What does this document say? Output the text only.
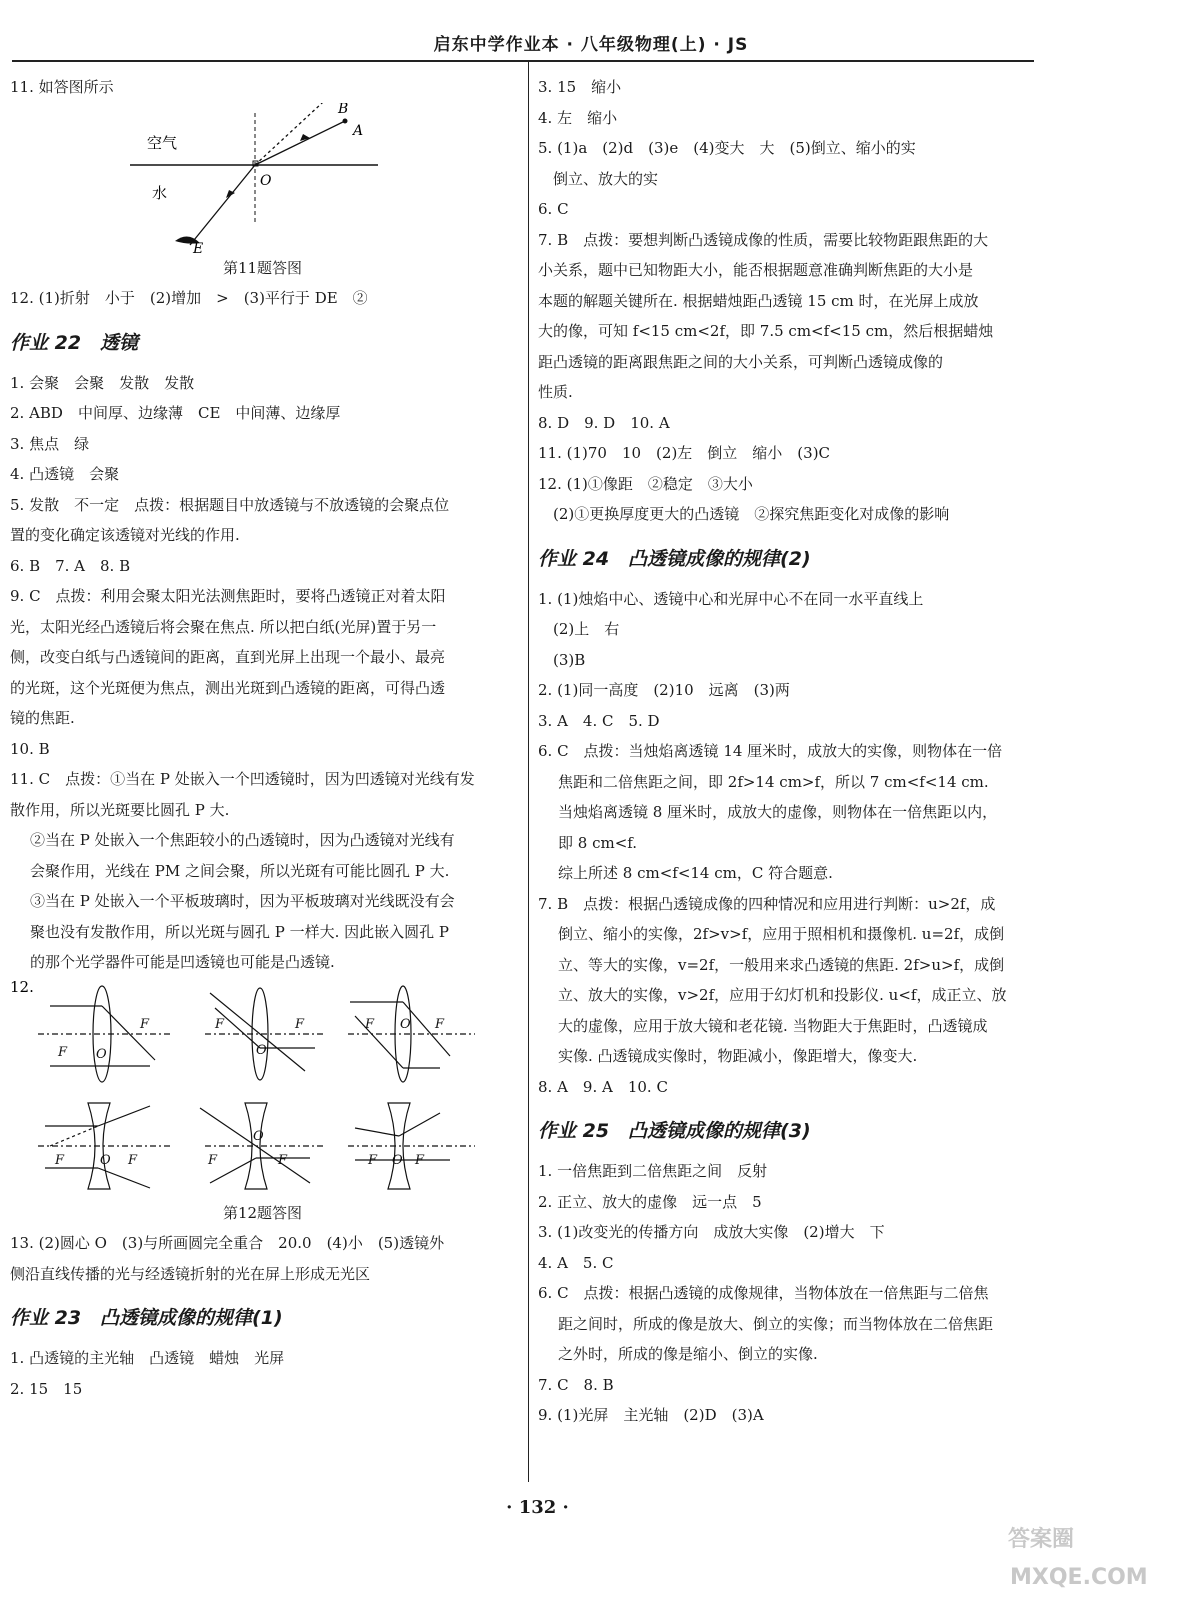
启东中学作业本 · 八年级物理(上) · JS
11. 如答图所示
空气
水
O
A
B
E
第11题答图
12. (1)折射　小于　(2)增加　>　(3)平行于 DE　②
作业 22　透镜
1. 会聚　会聚　发散　发散
2. ABD　中间厚、边缘薄　CE　中间薄、边缘厚
3. 焦点　绿
4. 凸透镜　会聚
5. 发散　不一定　点拨：根据题目中放透镜与不放透镜的会聚点位
置的变化确定该透镜对光线的作用.
6. B　7. A　8. B
9. C　点拨：利用会聚太阳光法测焦距时，要将凸透镜正对着太阳
光，太阳光经凸透镜后将会聚在焦点. 所以把白纸(光屏)置于另一
侧，改变白纸与凸透镜间的距离，直到光屏上出现一个最小、最亮
的光斑，这个光斑便为焦点，测出光斑到凸透镜的距离，可得凸透
镜的焦距.
10. B
11. C　点拨：①当在 P 处嵌入一个凹透镜时，因为凹透镜对光线有发
散作用，所以光斑要比圆孔 P 大.
②当在 P 处嵌入一个焦距较小的凸透镜时，因为凸透镜对光线有
会聚作用，光线在 PM 之间会聚，所以光斑有可能比圆孔 P 大.
③当在 P 处嵌入一个平板玻璃时，因为平板玻璃对光线既没有会
聚也没有发散作用，所以光斑与圆孔 P 一样大. 因此嵌入圆孔 P
的那个光学器件可能是凹透镜也可能是凸透镜.
12.
F
F O
F	F
O
F	F
O
F	O F	F
O
F	F O F
第12题答图
13. (2)圆心 O　(3)与所画圆完全重合　20.0　(4)小　(5)透镜外
侧沿直线传播的光与经透镜折射的光在屏上形成无光区
作业 23　凸透镜成像的规律(1)
1. 凸透镜的主光轴　凸透镜　蜡烛　光屏
2. 15　15
3. 15　缩小
4. 左　缩小
5. (1)a　(2)d　(3)e　(4)变大　大　(5)倒立、缩小的实
　倒立、放大的实
6. C
7. B　点拨：要想判断凸透镜成像的性质，需要比较物距跟焦距的大
小关系，题中已知物距大小，能否根据题意准确判断焦距的大小是
本题的解题关键所在. 根据蜡烛距凸透镜 15 cm 时，在光屏上成放
大的像，可知 f<15 cm<2f，即 7.5 cm<f<15 cm，然后根据蜡烛
距凸透镜的距离跟焦距之间的大小关系，可判断凸透镜成像的
性质.
8. D　9. D　10. A
11. (1)70　10　(2)左　倒立　缩小　(3)C
12. (1)①像距　②稳定　③大小
　(2)①更换厚度更大的凸透镜　②探究焦距变化对成像的影响
作业 24　凸透镜成像的规律(2)
1. (1)烛焰中心、透镜中心和光屏中心不在同一水平直线上
　(2)上　右
　(3)B
2. (1)同一高度　(2)10　远离　(3)两
3. A　4. C　5. D
6. C　点拨：当烛焰离透镜 14 厘米时，成放大的实像，则物体在一倍
焦距和二倍焦距之间，即 2f>14 cm>f，所以 7 cm<f<14 cm.
当烛焰离透镜 8 厘米时，成放大的虚像，则物体在一倍焦距以内，
即 8 cm<f.
综上所述 8 cm<f<14 cm，C 符合题意.
7. B　点拨：根据凸透镜成像的四种情况和应用进行判断：u>2f，成
倒立、缩小的实像，2f>v>f，应用于照相机和摄像机. u=2f，成倒
立、等大的实像，v=2f，一般用来求凸透镜的焦距. 2f>u>f，成倒
立、放大的实像，v>2f，应用于幻灯机和投影仪. u<f，成正立、放
大的虚像，应用于放大镜和老花镜. 当物距大于焦距时，凸透镜成
实像. 凸透镜成实像时，物距减小，像距增大，像变大.
8. A　9. A　10. C
作业 25　凸透镜成像的规律(3)
1. 一倍焦距到二倍焦距之间　反射
2. 正立、放大的虚像　远一点　5
3. (1)改变光的传播方向　成放大实像　(2)增大　下
4. A　5. C
6. C　点拨：根据凸透镜的成像规律，当物体放在一倍焦距与二倍焦
距之间时，所成的像是放大、倒立的实像；而当物体放在二倍焦距
之外时，所成的像是缩小、倒立的实像.
7. C　8. B
9. (1)光屏　主光轴　(2)D　(3)A
· 132 ·
答案圈
MXQE.COM
